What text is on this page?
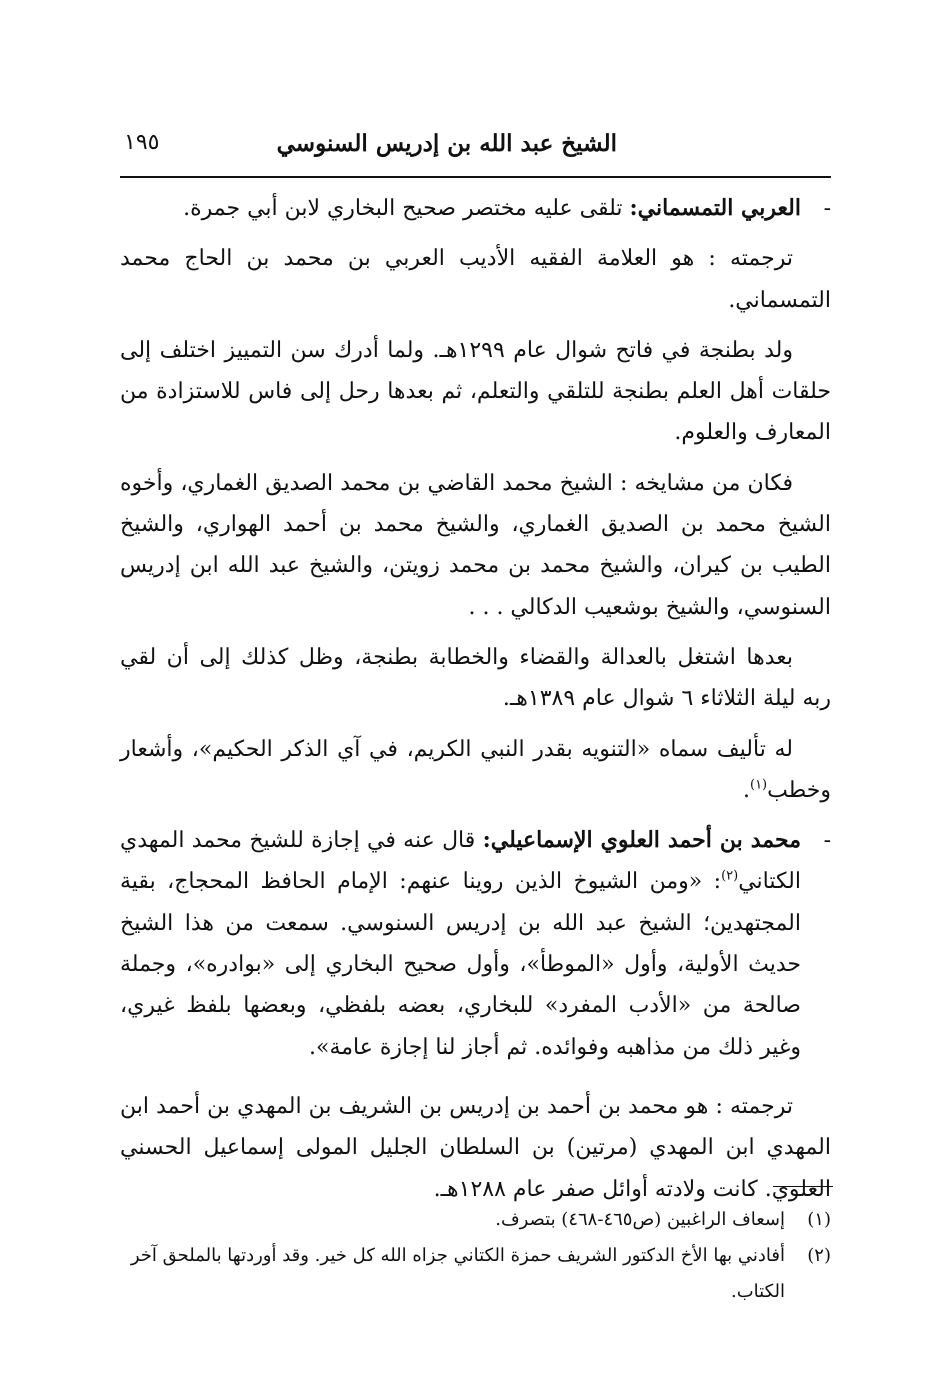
الشيخ عبد الله بن إدريس السنوسي
١٩٥

-
العربي التمسماني: تلقى عليه مختصر صحيح البخاري لابن أبي جمرة.

ترجمته : هو العلامة الفقيه الأديب العربي بن محمد بن الحاج محمد التمسماني.

ولد بطنجة في فاتح شوال عام ١٢٩٩هـ. ولما أدرك سن التمييز اختلف إلى حلقات أهل العلم بطنجة للتلقي والتعلم، ثم بعدها رحل إلى فاس للاستزادة من المعارف والعلوم.

فكان من مشايخه : الشيخ محمد القاضي بن محمد الصديق الغماري، وأخوه الشيخ محمد بن الصديق الغماري، والشيخ محمد بن أحمد الهواري، والشيخ الطيب بن كيران، والشيخ محمد بن محمد زويتن، والشيخ عبد الله ابن إدريس السنوسي، والشيخ بوشعيب الدكالي . . .

بعدها اشتغل بالعدالة والقضاء والخطابة بطنجة، وظل كذلك إلى أن لقي ربه ليلة الثلاثاء ٦ شوال عام ١٣٨٩هـ.

له تأليف سماه «التنويه بقدر النبي الكريم، في آي الذكر الحكيم»، وأشعار وخطب$^{(١)}$.

-
محمد بن أحمد العلوي الإسماعيلي: قال عنه في إجازة للشيخ محمد المهدي الكتاني$^{(٢)}$: «ومن الشيوخ الذين روينا عنهم: الإمام الحافظ المحجاج، بقية المجتهدين؛ الشيخ عبد الله بن إدريس السنوسي. سمعت من هذا الشيخ حديث الأولية، وأول «الموطأ»، وأول صحيح البخاري إلى «بوادره»، وجملة صالحة من «الأدب المفرد» للبخاري، بعضه بلفظي، وبعضها بلفظ غيري، وغير ذلك من مذاهبه وفوائده. ثم أجاز لنا إجازة عامة».

ترجمته : هو محمد بن أحمد بن إدريس بن الشريف بن المهدي بن أحمد ابن المهدي ابن المهدي (مرتين) بن السلطان الجليل المولى إسماعيل الحسني العلوي. كانت ولادته أوائل صفر عام ١٢٨٨هـ.

(١)
إسعاف الراغبين (ص٤٦٥-٤٦٨) بتصرف.

(٢)
أفادني بها الأخ الدكتور الشريف حمزة الكتاني جزاه الله كل خير. وقد أوردتها بالملحق آخر الكتاب.
